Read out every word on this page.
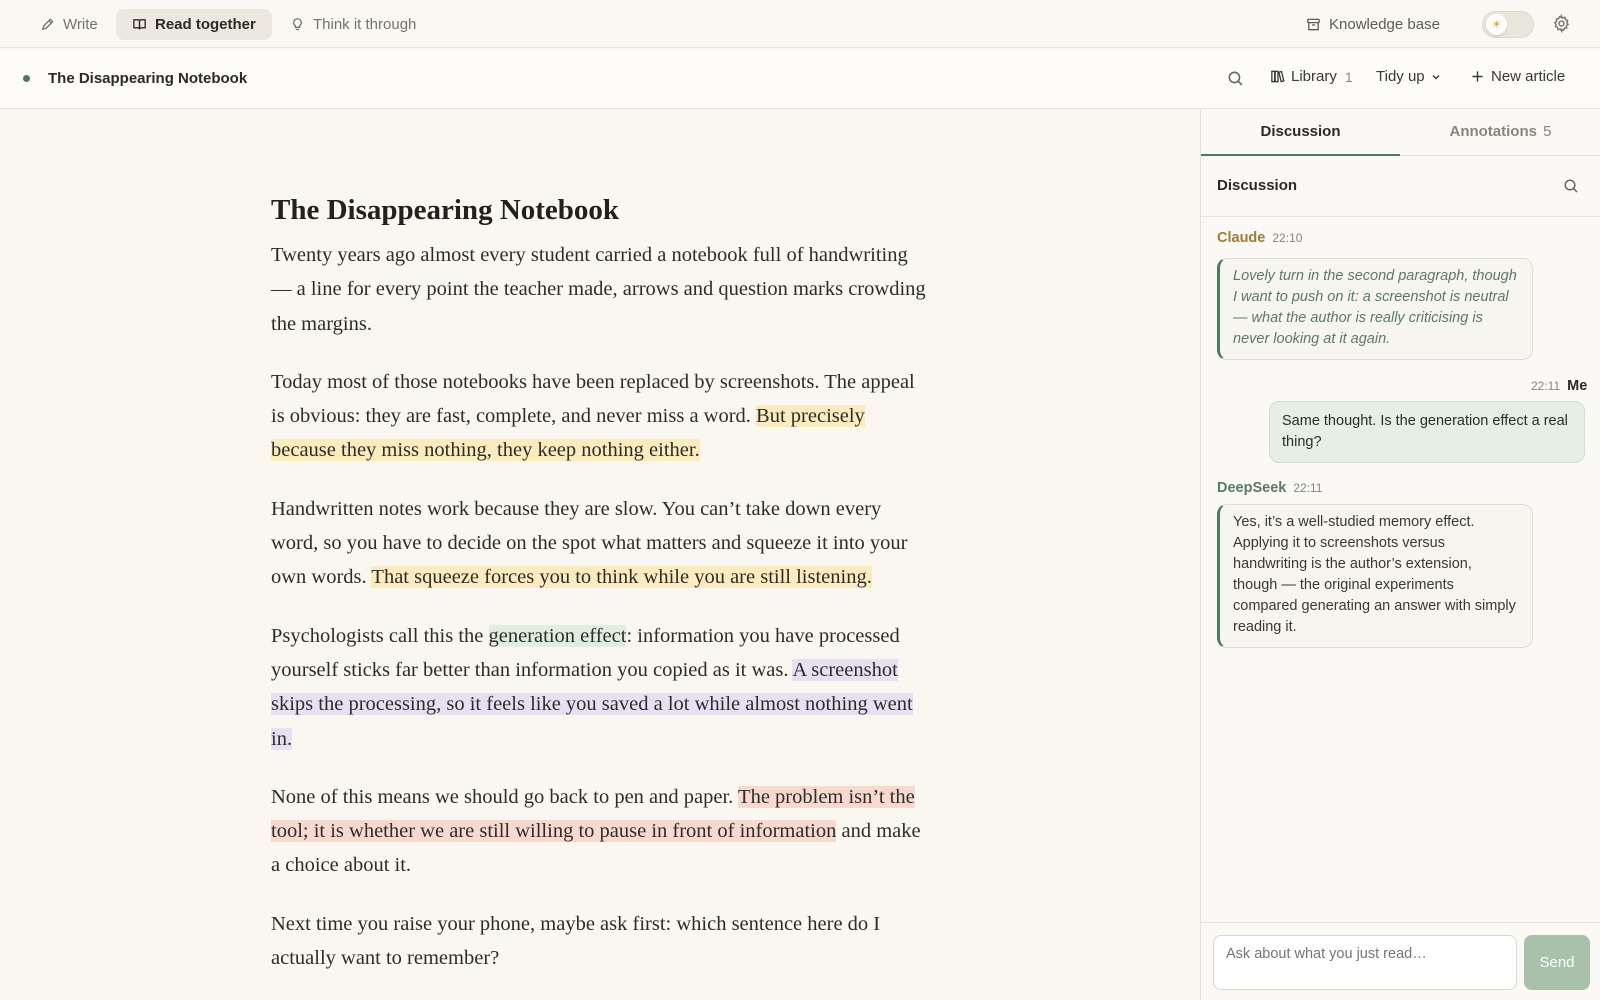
Write	Read together	Think it through	Knowledge base	☀
The Disappearing Notebook	Library 1 Tidy up	New article
The Disappearing Notebook

Twenty years ago almost every student carried a notebook full of handwriting — a line for every point the teacher made, arrows and question marks crowding the margins.

Today most of those notebooks have been replaced by screenshots. The appeal is obvious: they are fast, complete, and never miss a word. But precisely because they miss nothing, they keep nothing either.

Handwritten notes work because they are slow. You can’t take down every word, so you have to decide on the spot what matters and squeeze it into your own words. That squeeze forces you to think while you are still listening.

Psychologists call this the generation effect: information you have processed yourself sticks far better than information you copied as it was. A screenshot skips the processing, so it feels like you saved a lot while almost nothing went in.

None of this means we should go back to pen and paper. The problem isn’t the tool; it is whether we are still willing to pause in front of information and make a choice about it.

Next time you raise your phone, maybe ask first: which sentence here do I actually want to remember?

Discussion	Annotations 5
Discussion
Claude 22:10
Lovely turn in the second paragraph, though I want to push on it: a screenshot is neutral — what the author is really criticising is never looking at it again.
22:11 Me
Same thought. Is the generation effect a real thing?
DeepSeek 22:11
Yes, it’s a well-studied memory effect. Applying it to screenshots versus handwriting is the author’s extension, though — the original experiments compared generating an answer with simply reading it.
Ask about what you just read…
Send
